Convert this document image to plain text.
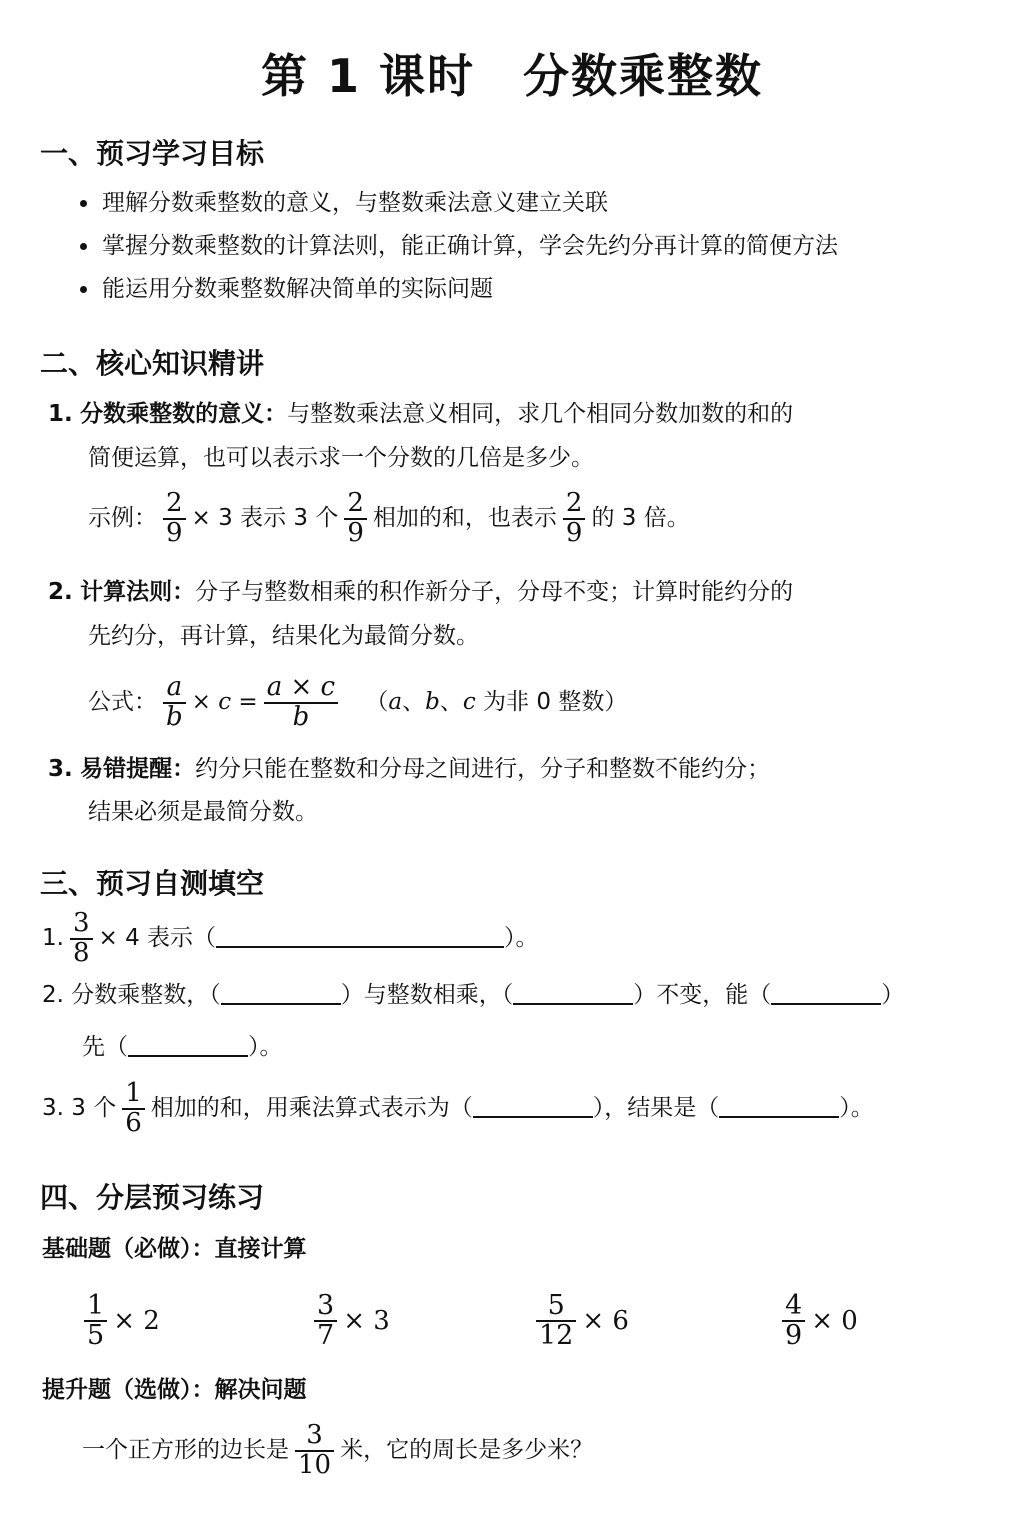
第 1 课时　分数乘整数
一、预习学习目标
理解分数乘整数的意义，与整数乘法意义建立关联
掌握分数乘整数的计算法则，能正确计算，学会先约分再计算的简便方法
能运用分数乘整数解决简单的实际问题
二、核心知识精讲
1. 分数乘整数的意义：与整数乘法意义相同，求几个相同分数加数的和的
简便运算，也可以表示求一个分数的几倍是多少。
示例： $\frac{2}{9} \times 3$ 表示 3 个 $\frac{2}{9}$ 相加的和，也表示 $\frac{2}{9}$ 的 3 倍。
2. 计算法则：分子与整数相乘的积作新分子，分母不变；计算时能约分的
先约分，再计算，结果化为最简分数。
公式： $\frac{a}{b} \times c = \frac{a \times c}{b} (a$、b、c 为非 0 整数）
3. 易错提醒：约分只能在整数和分母之间进行，分子和整数不能约分；
结果必须是最简分数。
三、预习自测填空
1. $\frac{3}{8} \times 4$ 表示（	）。
2. 分数乘整数，（	）与整数相乘，（	）不变，能（	）
先（	）。
3. 3 个 $\frac{1}{6}$ 相加的和，用乘法算式表示为（	），结果是（	）。
四、分层预习练习
基础题（必做）：直接计算
$\frac{1}{5} \times 2$	$\frac{3}{7} \times 3$	$\frac{5}{12} \times 6$	$\frac{4}{9} \times 0$
提升题（选做）：解决问题
一个正方形的边长是 $\frac{3}{10}$ 米，它的周长是多少米？
